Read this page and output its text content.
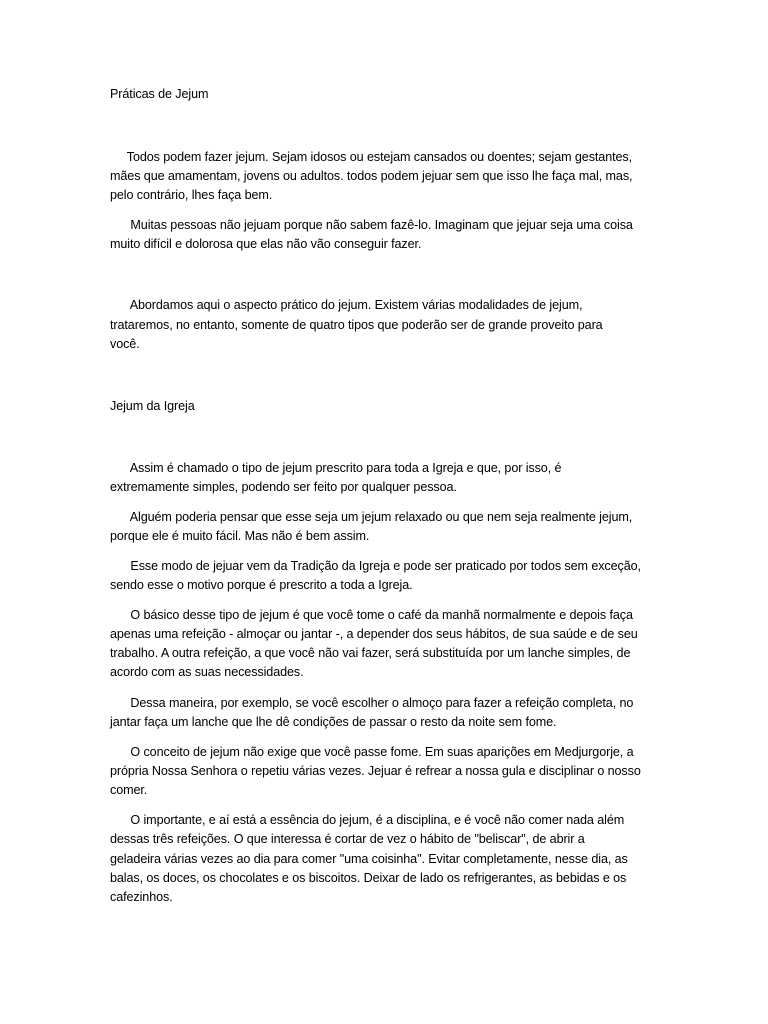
Práticas de Jejum

Todos podem fazer jejum. Sejam idosos ou estejam cansados ou doentes; sejam gestantes,

mães que amamentam, jovens ou adultos. todos podem jejuar sem que isso lhe faça mal, mas,

pelo contrário, lhes faça bem.

Muitas pessoas não jejuam porque não sabem fazê-lo. Imaginam que jejuar seja uma coisa

muito difícil e dolorosa que elas não vão conseguir fazer.

Abordamos aqui o aspecto prático do jejum. Existem várias modalidades de jejum,

trataremos, no entanto, somente de quatro tipos que poderão ser de grande proveito para

você.

Jejum da Igreja

Assim é chamado o tipo de jejum prescrito para toda a Igreja e que, por isso, é

extremamente simples, podendo ser feito por qualquer pessoa.

Alguém poderia pensar que esse seja um jejum relaxado ou que nem seja realmente jejum,

porque ele é muito fácil. Mas não é bem assim.

Esse modo de jejuar vem da Tradição da Igreja e pode ser praticado por todos sem exceção,

sendo esse o motivo porque é prescrito a toda a Igreja.

O básico desse tipo de jejum é que você tome o café da manhã normalmente e depois faça

apenas uma refeição - almoçar ou jantar -, a depender dos seus hábitos, de sua saúde e de seu

trabalho. A outra refeição, a que você não vai fazer, será substituída por um lanche simples, de

acordo com as suas necessidades.

Dessa maneira, por exemplo, se você escolher o almoço para fazer a refeição completa, no

jantar faça um lanche que lhe dê condições de passar o resto da noite sem fome.

O conceito de jejum não exige que você passe fome. Em suas aparições em Medjurgorje, a

própria Nossa Senhora o repetiu várias vezes. Jejuar é refrear a nossa gula e disciplinar o nosso

comer.

O importante, e aí está a essência do jejum, é a disciplina, e é você não comer nada além

dessas três refeições. O que interessa é cortar de vez o hábito de "beliscar", de abrir a

geladeira várias vezes ao dia para comer "uma coisinha". Evitar completamente, nesse dia, as

balas, os doces, os chocolates e os biscoitos. Deixar de lado os refrigerantes, as bebidas e os

cafezinhos.
